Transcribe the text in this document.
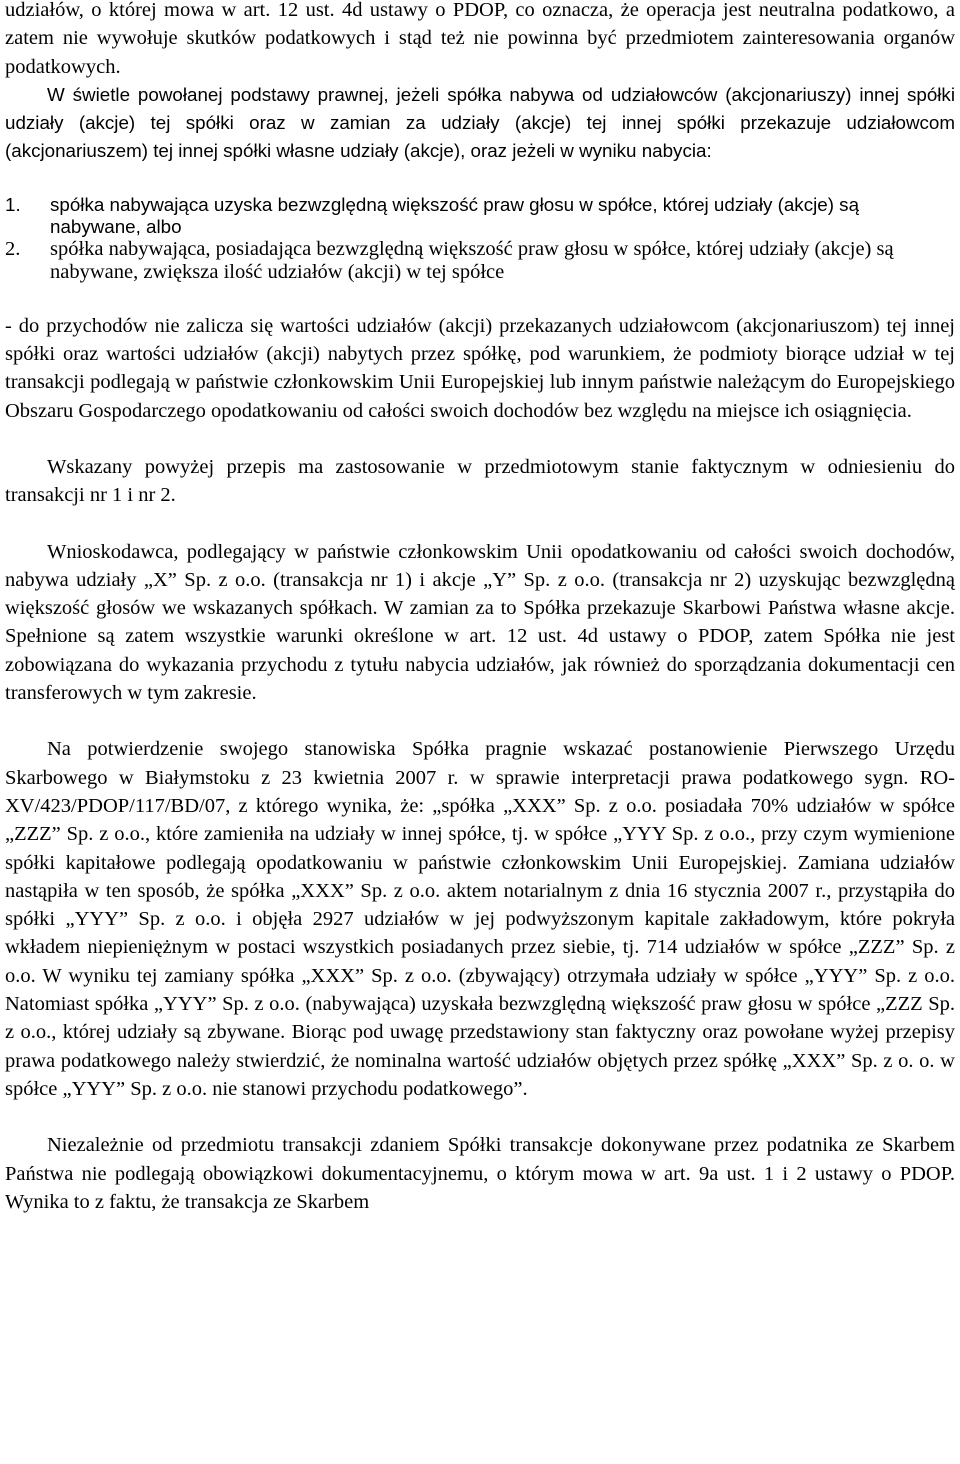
udziałów, o której mowa w art. 12 ust. 4d ustawy o PDOP, co oznacza, że operacja jest neutralna podatkowo, a zatem nie wywołuje skutków podatkowych i stąd też nie powinna być przedmiotem zainteresowania organów podatkowych.

W świetle powołanej podstawy prawnej, jeżeli spółka nabywa od udziałowców (akcjonariuszy) innej spółki udziały (akcje) tej spółki oraz w zamian za udziały (akcje) tej innej spółki przekazuje udziałowcom (akcjonariuszem) tej innej spółki własne udziały (akcje), oraz jeżeli w wyniku nabycia:

1. spółka nabywająca uzyska bezwzględną większość praw głosu w spółce, której udziały (akcje) są nabywane, albo
2. spółka nabywająca, posiadająca bezwzględną większość praw głosu w spółce, której udziały (akcje) są nabywane, zwiększa ilość udziałów (akcji) w tej spółce

- do przychodów nie zalicza się wartości udziałów (akcji) przekazanych udziałowcom (akcjonariuszom) tej innej spółki oraz wartości udziałów (akcji) nabytych przez spółkę, pod warunkiem, że podmioty biorące udział w tej transakcji podlegają w państwie członkowskim Unii Europejskiej lub innym państwie należącym do Europejskiego Obszaru Gospodarczego opodatkowaniu od całości swoich dochodów bez względu na miejsce ich osiągnięcia.

Wskazany powyżej przepis ma zastosowanie w przedmiotowym stanie faktycznym w odniesieniu do transakcji nr 1 i nr 2.

Wnioskodawca, podlegający w państwie członkowskim Unii opodatkowaniu od całości swoich dochodów, nabywa udziały „X” Sp. z o.o. (transakcja nr 1) i akcje „Y” Sp. z o.o. (transakcja nr 2) uzyskując bezwzględną większość głosów we wskazanych spółkach. W zamian za to Spółka przekazuje Skarbowi Państwa własne akcje. Spełnione są zatem wszystkie warunki określone w art. 12 ust. 4d ustawy o PDOP, zatem Spółka nie jest zobowiązana do wykazania przychodu z tytułu nabycia udziałów, jak również do sporządzania dokumentacji cen transferowych w tym zakresie.

Na potwierdzenie swojego stanowiska Spółka pragnie wskazać postanowienie Pierwszego Urzędu Skarbowego w Białymstoku z 23 kwietnia 2007 r. w sprawie interpretacji prawa podatkowego sygn. RO-XV/423/PDOP/117/BD/07, z którego wynika, że: „spółka „XXX” Sp. z o.o. posiadała 70% udziałów w spółce „ZZZ” Sp. z o.o., które zamieniła na udziały w innej spółce, tj. w spółce „YYY Sp. z o.o., przy czym wymienione spółki kapitałowe podlegają opodatkowaniu w państwie członkowskim Unii Europejskiej. Zamiana udziałów nastąpiła w ten sposób, że spółka „XXX” Sp. z o.o. aktem notarialnym z dnia 16 stycznia 2007 r., przystąpiła do spółki „YYY” Sp. z o.o. i objęła 2927 udziałów w jej podwyższonym kapitale zakładowym, które pokryła wkładem niepieniężnym w postaci wszystkich posiadanych przez siebie, tj. 714 udziałów w spółce „ZZZ” Sp. z o.o. W wyniku tej zamiany spółka „XXX” Sp. z o.o. (zbywający) otrzymała udziały w spółce „YYY” Sp. z o.o. Natomiast spółka „YYY” Sp. z o.o. (nabywająca) uzyskała bezwzględną większość praw głosu w spółce „ZZZ Sp. z o.o., której udziały są zbywane. Biorąc pod uwagę przedstawiony stan faktyczny oraz powołane wyżej przepisy prawa podatkowego należy stwierdzić, że nominalna wartość udziałów objętych przez spółkę „XXX” Sp. z o. o. w spółce „YYY” Sp. z o.o. nie stanowi przychodu podatkowego”.

Niezależnie od przedmiotu transakcji zdaniem Spółki transakcje dokonywane przez podatnika ze Skarbem Państwa nie podlegają obowiązkowi dokumentacyjnemu, o którym mowa w art. 9a ust. 1 i 2 ustawy o PDOP. Wynika to z faktu, że transakcja ze Skarbem
